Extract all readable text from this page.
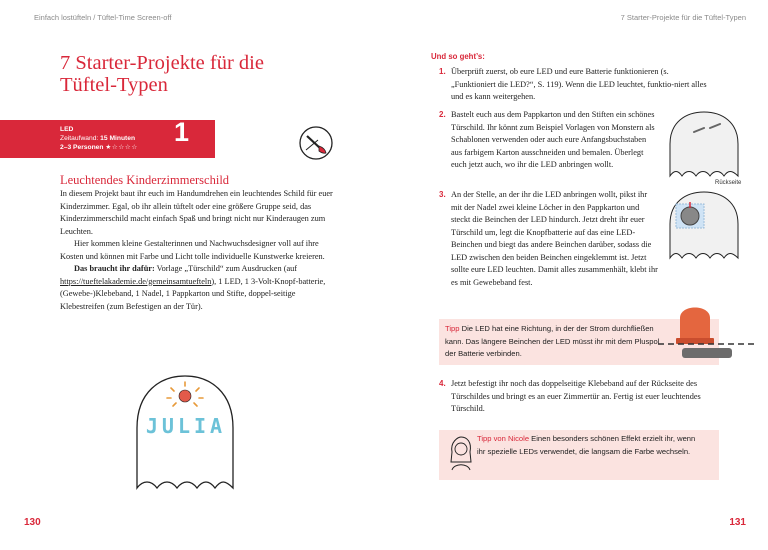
Einfach lostüfteln / Tüftel-Time Screen-off	7 Starter-Projekte für die Tüftel-Typen
7 Starter-Projekte für die
Tüftel-Typen
LED
Zeitaufwand: 15 Minuten
2–3 Personen ★☆☆☆☆
1
Leuchtendes Kinderzimmerschild

In diesem Projekt baut ihr euch im Handumdrehen ein leuchtendes Schild für euer Kinderzimmer. Egal, ob ihr allein tüftelt oder eine größere Gruppe seid, das Kinderzimmerschild macht einfach Spaß und bringt nicht nur Kinderaugen zum Leuchten.

Hier kommen kleine Gestalterinnen und Nachwuchsdesigner voll auf ihre Kosten und können mit Farbe und Licht tolle individuelle Kunstwerke kreieren.

Das braucht ihr dafür: Vorlage „Türschild“ zum Ausdrucken (auf https://tueftelakademie.de/gemeinsamtuefteln), 1 LED, 1 3-Volt-Knopf-batterie, (Gewebe-)Klebeband, 1 Nadel, 1 Pappkarton und Stifte, doppel-seitige Klebestreifen (zum Befestigen an der Tür).

JULIA
Und so geht’s:
1. Überprüft zuerst, ob eure LED und eure Batterie funktionieren (s. „Funktioniert die LED?“, S. 119). Wenn die LED leuchtet, funktio-niert alles und es kann weitergehen.
2. Bastelt euch aus dem Pappkarton und den Stiften ein schönes Türschild. Ihr könnt zum Beispiel Vorlagen von Monstern als Schablonen verwenden oder auch eure Anfangsbuchstaben aus farbigem Karton ausschneiden und bemalen. Überlegt euch jetzt auch, wo ihr die LED anbringen wollt.
3. An der Stelle, an der ihr die LED anbringen wollt, pikst ihr mit der Nadel zwei kleine Löcher in den Pappkarton und steckt die Beinchen der LED hindurch. Jetzt dreht ihr euer Türschild um, legt die Knopfbatterie auf das eine LED-Beinchen und biegt das andere Beinchen darüber, sodass die LED zwischen den beiden Beinchen eingeklemmt ist. Jetzt sollte eure LED leuchten. Damit alles zusammenhält, klebt ihr es mit Gewebeband fest.
Rückseite
Tipp Die LED hat eine Richtung, in der der Strom durchfließen kann. Das längere Beinchen der LED müsst ihr mit dem Pluspol der Batterie verbinden.
4. Jetzt befestigt ihr noch das doppelseitige Klebeband auf der Rückseite des Türschildes und bringt es an euer Zimmertür an. Fertig ist euer leuchtendes Türschild.
Tipp von Nicole Einen besonders schönen Effekt erzielt ihr, wenn ihr spezielle LEDs verwendet, die langsam die Farbe wechseln.
130	131
